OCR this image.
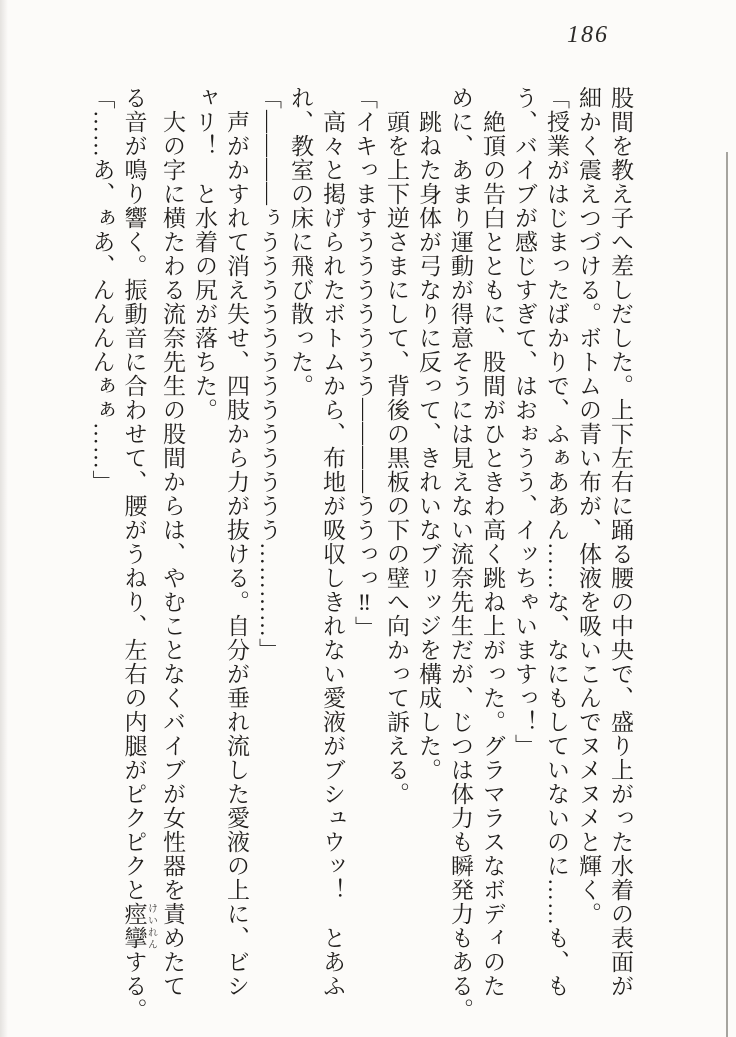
186

股間を教え子へ差しだした。上下左右に踊る腰の中央で、盛り上がった水着の表面が

細かく震えつづける。ボトムの青い布が、体液を吸いこんでヌメヌメと輝く。

「授業がはじまったばかりで、ふぁああん……な、なにもしていないのに……も、も

う、バイブが感じすぎて、はおぉうう、イッちゃいますっ！」

絶頂の告白とともに、股間がひときわ高く跳ね上がった。グラマラスなボディのた

めに、あまり運動が得意そうには見えない流奈先生だが、じつは体力も瞬発力もある。

跳ねた身体が弓なりに反って、きれいなブリッジを構成した。

頭を上下逆さまにして、背後の黒板の下の壁へ向かって訴える。

「イキっますううううううう――――ううっっ‼」

高々と掲げられたボトムから、布地が吸収しきれない愛液がブシュウッ！　とあふ

れ、教室の床に飛び散った。

「――――ぅううううううううううううう…………」

声がかすれて消え失せ、四肢から力が抜ける。自分が垂れ流した愛液の上に、ビシ

ャリ！　と水着の尻が落ちた。

大の字に横たわる流奈先生の股間からは、やむことなくバイブが女性器を責めたて

る音が鳴り響く。振動音に合わせて、腰がうねり、左右の内腿がピクピクと痙攣 けいれんする。

「……あ、ぁあ、んんんんぁぁ……」
